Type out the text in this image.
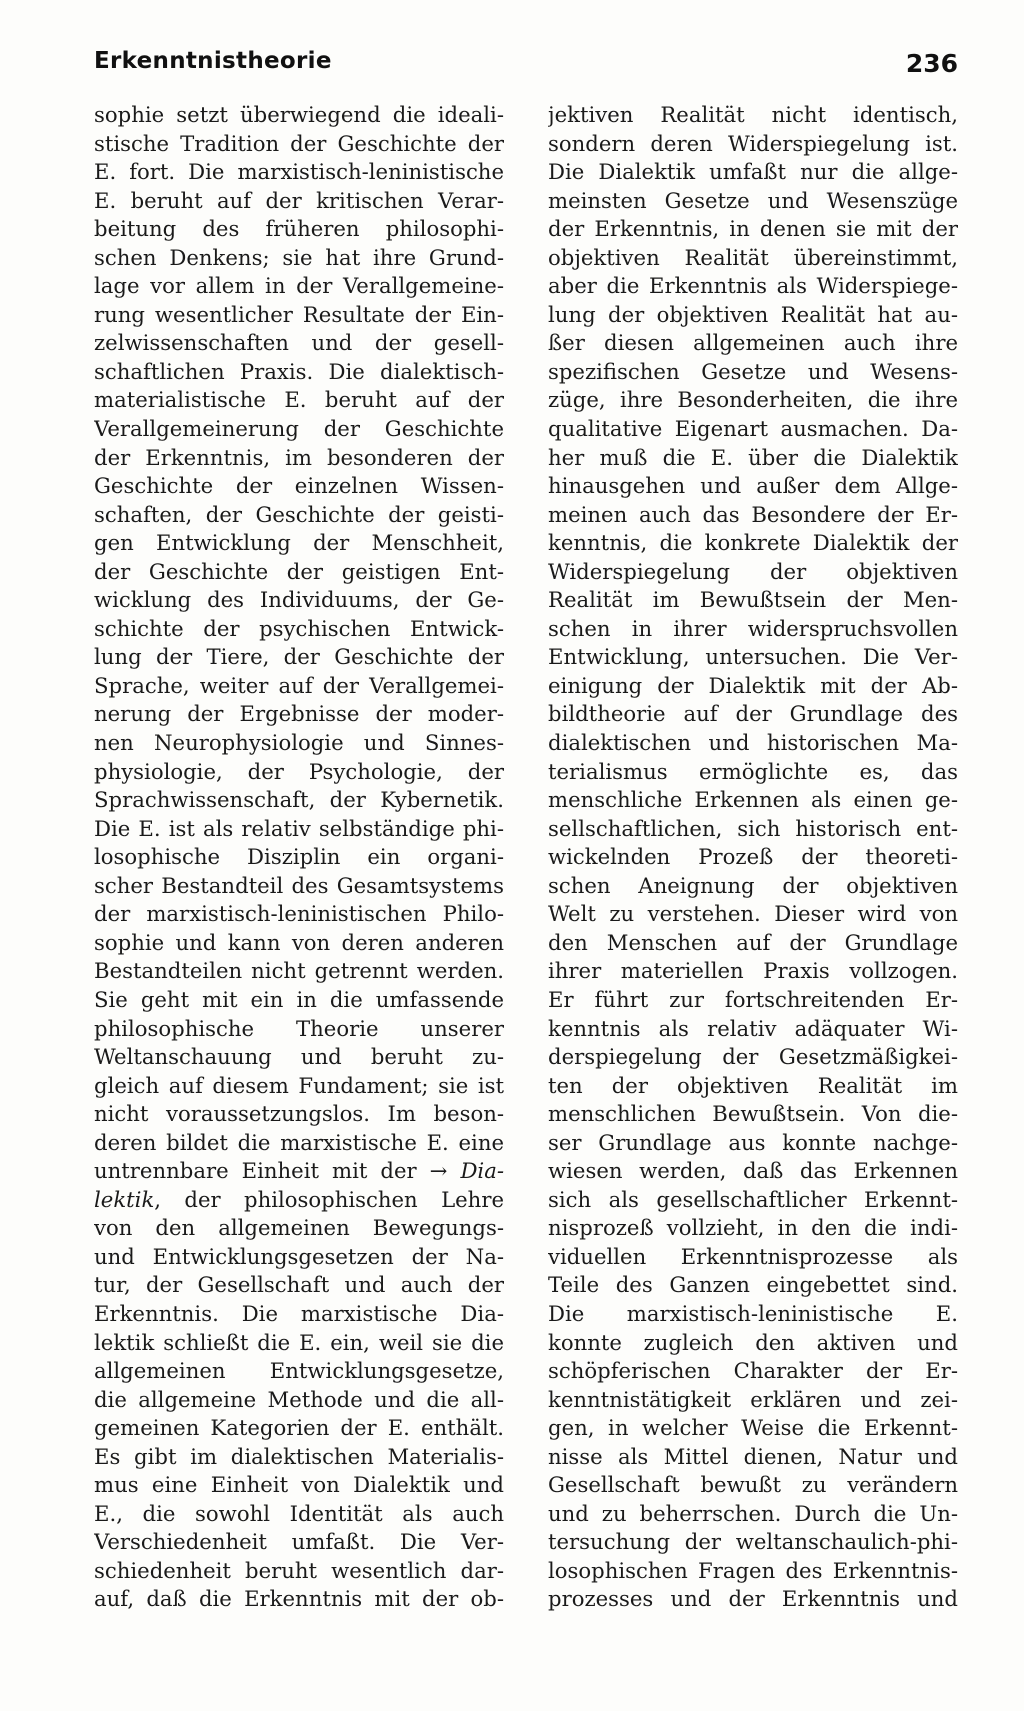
Erkenntnistheorie	236
sophie setzt überwiegend die ideali-
stische Tradition der Geschichte der
E. fort. Die marxistisch-leninistische
E. beruht auf der kritischen Verar-
beitung des früheren philosophi-
schen Denkens; sie hat ihre Grund-
lage vor allem in der Verallgemeine-
rung wesentlicher Resultate der Ein-
zelwissenschaften und der gesell-
schaftlichen Praxis. Die dialektisch-
materialistische E. beruht auf der
Verallgemeinerung der Geschichte
der Erkenntnis, im besonderen der
Geschichte der einzelnen Wissen-
schaften, der Geschichte der geisti-
gen Entwicklung der Menschheit,
der Geschichte der geistigen Ent-
wicklung des Individuums, der Ge-
schichte der psychischen Entwick-
lung der Tiere, der Geschichte der
Sprache, weiter auf der Verallgemei-
nerung der Ergebnisse der moder-
nen Neurophysiologie und Sinnes-
physiologie, der Psychologie, der
Sprachwissenschaft, der Kybernetik.
Die E. ist als relativ selbständige phi-
losophische Disziplin ein organi-
scher Bestandteil des Gesamtsystems
der marxistisch-leninistischen Philo-
sophie und kann von deren anderen
Bestandteilen nicht getrennt werden.
Sie geht mit ein in die umfassende
philosophische Theorie unserer
Weltanschauung und beruht zu-
gleich auf diesem Fundament; sie ist
nicht voraussetzungslos. Im beson-
deren bildet die marxistische E. eine
untrennbare Einheit mit der → Dia-
lektik, der philosophischen Lehre
von den allgemeinen Bewegungs-
und Entwicklungsgesetzen der Na-
tur, der Gesellschaft und auch der
Erkenntnis. Die marxistische Dia-
lektik schließt die E. ein, weil sie die
allgemeinen Entwicklungsgesetze,
die allgemeine Methode und die all-
gemeinen Kategorien der E. enthält.
Es gibt im dialektischen Materialis-
mus eine Einheit von Dialektik und
E., die sowohl Identität als auch
Verschiedenheit umfaßt. Die Ver-
schiedenheit beruht wesentlich dar-
auf, daß die Erkenntnis mit der ob-
jektiven Realität nicht identisch,
sondern deren Widerspiegelung ist.
Die Dialektik umfaßt nur die allge-
meinsten Gesetze und Wesenszüge
der Erkenntnis, in denen sie mit der
objektiven Realität übereinstimmt,
aber die Erkenntnis als Widerspiege-
lung der objektiven Realität hat au-
ßer diesen allgemeinen auch ihre
spezifischen Gesetze und Wesens-
züge, ihre Besonderheiten, die ihre
qualitative Eigenart ausmachen. Da-
her muß die E. über die Dialektik
hinausgehen und außer dem Allge-
meinen auch das Besondere der Er-
kenntnis, die konkrete Dialektik der
Widerspiegelung der objektiven
Realität im Bewußtsein der Men-
schen in ihrer widerspruchsvollen
Entwicklung, untersuchen. Die Ver-
einigung der Dialektik mit der Ab-
bildtheorie auf der Grundlage des
dialektischen und historischen Ma-
terialismus ermöglichte es, das
menschliche Erkennen als einen ge-
sellschaftlichen, sich historisch ent-
wickelnden Prozeß der theoreti-
schen Aneignung der objektiven
Welt zu verstehen. Dieser wird von
den Menschen auf der Grundlage
ihrer materiellen Praxis vollzogen.
Er führt zur fortschreitenden Er-
kenntnis als relativ adäquater Wi-
derspiegelung der Gesetzmäßigkei-
ten der objektiven Realität im
menschlichen Bewußtsein. Von die-
ser Grundlage aus konnte nachge-
wiesen werden, daß das Erkennen
sich als gesellschaftlicher Erkennt-
nisprozeß vollzieht, in den die indi-
viduellen Erkenntnisprozesse als
Teile des Ganzen eingebettet sind.
Die marxistisch-leninistische E.
konnte zugleich den aktiven und
schöpferischen Charakter der Er-
kenntnistätigkeit erklären und zei-
gen, in welcher Weise die Erkennt-
nisse als Mittel dienen, Natur und
Gesellschaft bewußt zu verändern
und zu beherrschen. Durch die Un-
tersuchung der weltanschaulich-phi-
losophischen Fragen des Erkenntnis-
prozesses und der Erkenntnis und
